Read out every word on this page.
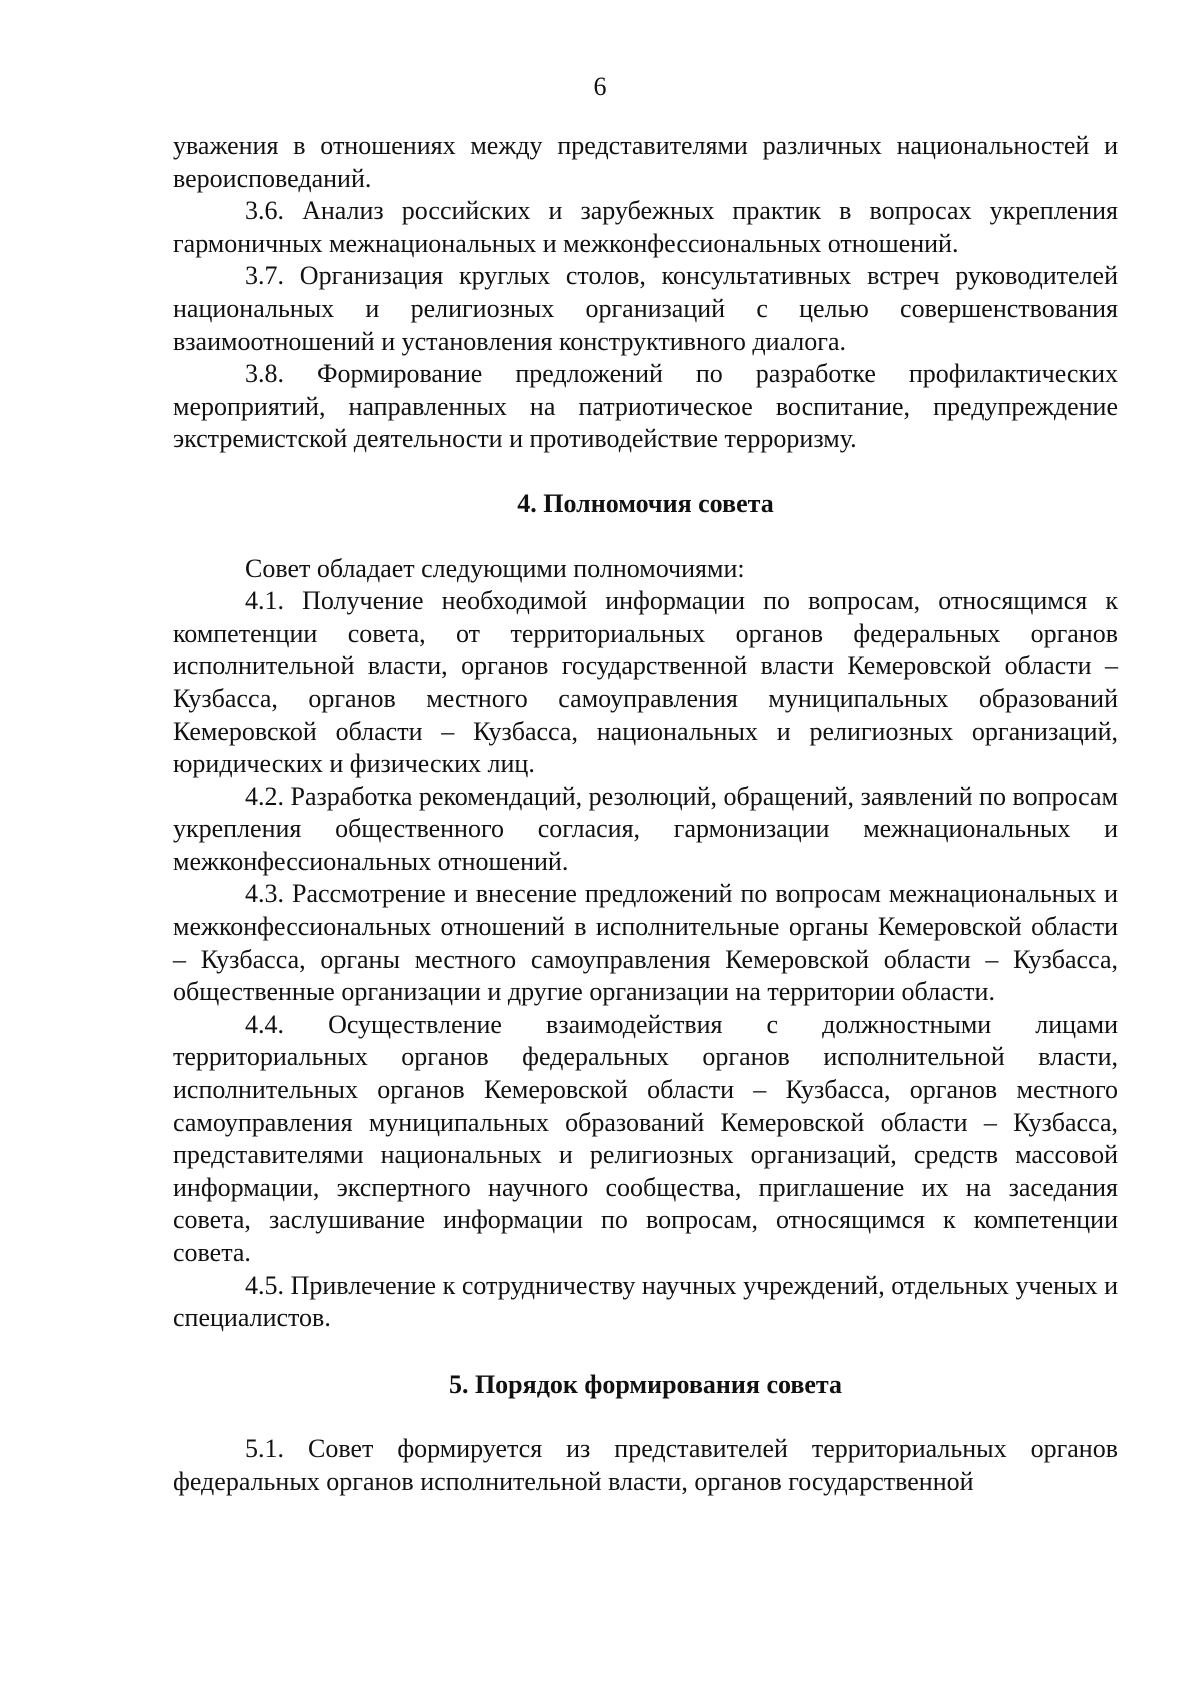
6

уважения в отношениях между представителями различных национальностей и вероисповеданий.

3.6. Анализ российских и зарубежных практик в вопросах укрепления гармоничных межнациональных и межконфессиональных отношений.

3.7. Организация круглых столов, консультативных встреч руководителей национальных и религиозных организаций с целью совершенствования взаимоотношений и установления конструктивного диалога.

3.8. Формирование предложений по разработке профилактических мероприятий, направленных на патриотическое воспитание, предупреждение экстремистской деятельности и противодействие терроризму.

4. Полномочия совета

Совет обладает следующими полномочиями:

4.1. Получение необходимой информации по вопросам, относящимся к компетенции совета, от территориальных органов федеральных органов исполнительной власти, органов государственной власти Кемеровской области – Кузбасса, органов местного самоуправления муниципальных образований Кемеровской области – Кузбасса, национальных и религиозных организаций, юридических и физических лиц.

4.2. Разработка рекомендаций, резолюций, обращений, заявлений по вопросам укрепления общественного согласия, гармонизации межнациональных и межконфессиональных отношений.

4.3. Рассмотрение и внесение предложений по вопросам межнациональных и межконфессиональных отношений в исполнительные органы Кемеровской области – Кузбасса, органы местного самоуправления Кемеровской области – Кузбасса, общественные организации и другие организации на территории области.

4.4. Осуществление взаимодействия с должностными лицами территориальных органов федеральных органов исполнительной власти, исполнительных органов Кемеровской области – Кузбасса, органов местного самоуправления муниципальных образований Кемеровской области – Кузбасса, представителями национальных и религиозных организаций, средств массовой информации, экспертного научного сообщества, приглашение их на заседания совета, заслушивание информации по вопросам, относящимся к компетенции совета.

4.5. Привлечение к сотрудничеству научных учреждений, отдельных ученых и специалистов.

5. Порядок формирования совета

5.1. Совет формируется из представителей территориальных органов федеральных органов исполнительной власти, органов государственной
